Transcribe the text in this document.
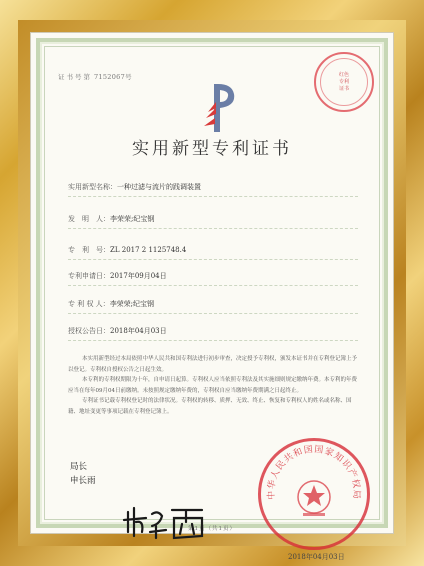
证书号第 7152067号	红色
专利
证书
实用新型专利证书
实用新型名称：一种过滤与流片的践调装置
发　明　人：李荣荣;纪宝钢
专　利　号：ZL 2017 2 1125748.4
专利申请日：2017年09月04日
专 利 权 人：李荣荣;纪宝钢
授权公告日：2018年04月03日

本实用新型经过本局依照中华人民共和国专利法进行初步审查，决定授予专利权，颁发本证书并在专利登记簿上予以登记。专利权自授权公告之日起生效。

本专利的专利权期限为十年，自申请日起算。专利权人应当依照专利法及其实施细则规定缴纳年费。本专利的年费应当在每年09月04日前缴纳。未按照规定缴纳年费的，专利权自应当缴纳年费期满之日起终止。

专利证书记载专利权登记时的法律状况。专利权的转移、质押、无效、终止、恢复和专利权人的姓名或名称、国籍、地址变更等事项记载在专利登记簿上。

局长
申长雨
中华人民共和国国家知识产权局
2018年04月03日
第1页（共1页）
